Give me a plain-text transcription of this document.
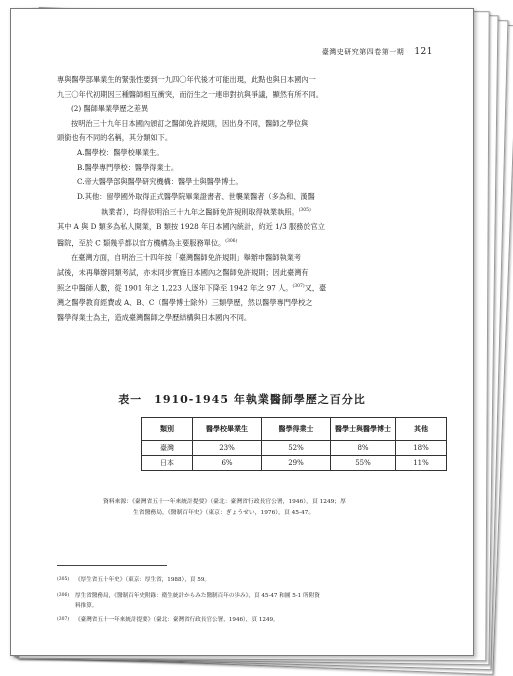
臺灣史研究第四卷第一期 121

專與醫學部畢業生的緊張性要到一九四〇年代後才可能出現，此點也與日本國內一

九三〇年代初期因三種醫師相互衝突，而衍生之一連串對抗與爭議，顯然有所不同。

(2) 醫師畢業學歷之差異

按明治三十九年日本國內頒訂之醫師免許規則，因出身不同，醫師之學位與

頭銜也有不同的名稱，其分類如下。

A.醫學校：醫學校畢業生。

B.醫學專門學校：醫學得業士。

C.帝大醫學部與醫學研究機構：醫學士與醫學博士。

D.其他：留學國外取得正式醫學院畢業證書者、世襲業醫者（多為和、漢醫

執業者），均得依明治三十九年之醫師免許規則取得執業執照。$^{(305)}$

其中 A 與 D 類多為私人開業，B 類按 1928 年日本國內統計，約近 1/3 服務於官立

醫院，至於 C 類幾乎都以官方機構為主要服務單位。$^{(306)}$

在臺灣方面，自明治三十四年按「臺灣醫師免許規則」舉辦申醫師執業考

試後，未再舉辦同類考試，亦未同步實施日本國內之醫師免許規則；因此臺灣有

照之中醫師人數，從 1901 年之 1,223 人逐年下降至 1942 年之 97 人。$^{(307)}$又，臺

灣之醫學教育經費或 A、B、C（醫學博士除外）三類學歷，然以醫學專門學校之

醫學得業士為主，造成臺灣醫師之學歷結構與日本國內不同。

表一　1910-1945 年執業醫師學歷之百分比
類別	醫學校畢業生	醫學得業士	醫學士與醫學博士	其他
臺灣	23%	52%	8%	18%
日本	6%	29%	55%	11%
資料來源：《臺灣省五十一年來統計提要》（臺北：臺灣省行政長官公署，1946），頁 1249；厚
生省醫務局，《醫制百年史》（東京：ぎょうせい，1976），頁 45-47。
(305) 《厚生省五十年史》（東京：厚生省，1988），頁 59。
(306) 厚生省醫務局，《醫制百年史附錄：衛生統計からみた醫制百年の歩み》，頁 45-47 和圖 5-1 所附資
料推算。
(307) 《臺灣省五十一年來統計提要》（臺北：臺灣省行政長官公署，1946），頁 1249。
